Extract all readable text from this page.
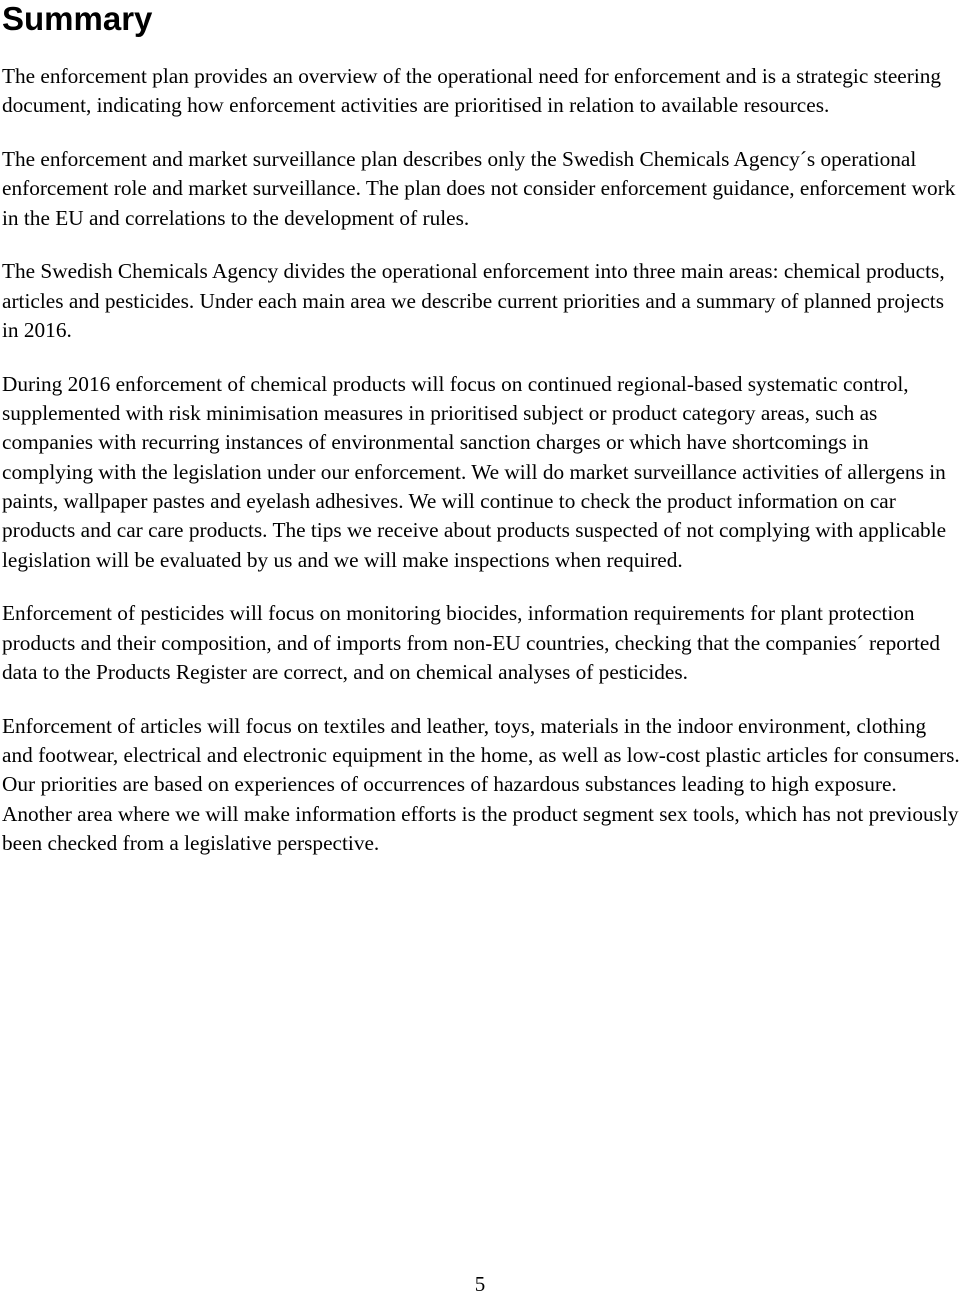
Summary

The enforcement plan provides an overview of the operational need for enforcement and is a strategic steering document, indicating how enforcement activities are prioritised in relation to available resources.

The enforcement and market surveillance plan describes only the Swedish Chemicals Agency´s operational enforcement role and market surveillance. The plan does not consider enforcement guidance, enforcement work in the EU and correlations to the development of rules.

The Swedish Chemicals Agency divides the operational enforcement into three main areas: chemical products, articles and pesticides. Under each main area we describe current priorities and a summary of planned projects in 2016.

During 2016 enforcement of chemical products will focus on continued regional-based systematic control, supplemented with risk minimisation measures in prioritised subject or product category areas, such as companies with recurring instances of environmental sanction charges or which have shortcomings in complying with the legislation under our enforcement. We will do market surveillance activities of allergens in paints, wallpaper pastes and eyelash adhesives. We will continue to check the product information on car products and car care products. The tips we receive about products suspected of not complying with applicable legislation will be evaluated by us and we will make inspections when required.

Enforcement of pesticides will focus on monitoring biocides, information requirements for plant protection products and their composition, and of imports from non-EU countries, checking that the companies´ reported data to the Products Register are correct, and on chemical analyses of pesticides.

Enforcement of articles will focus on textiles and leather, toys, materials in the indoor environment, clothing and footwear, electrical and electronic equipment in the home, as well as low-cost plastic articles for consumers. Our priorities are based on experiences of occurrences of hazardous substances leading to high exposure. Another area where we will make information efforts is the product segment sex tools, which has not previously been checked from a legislative perspective.

5
